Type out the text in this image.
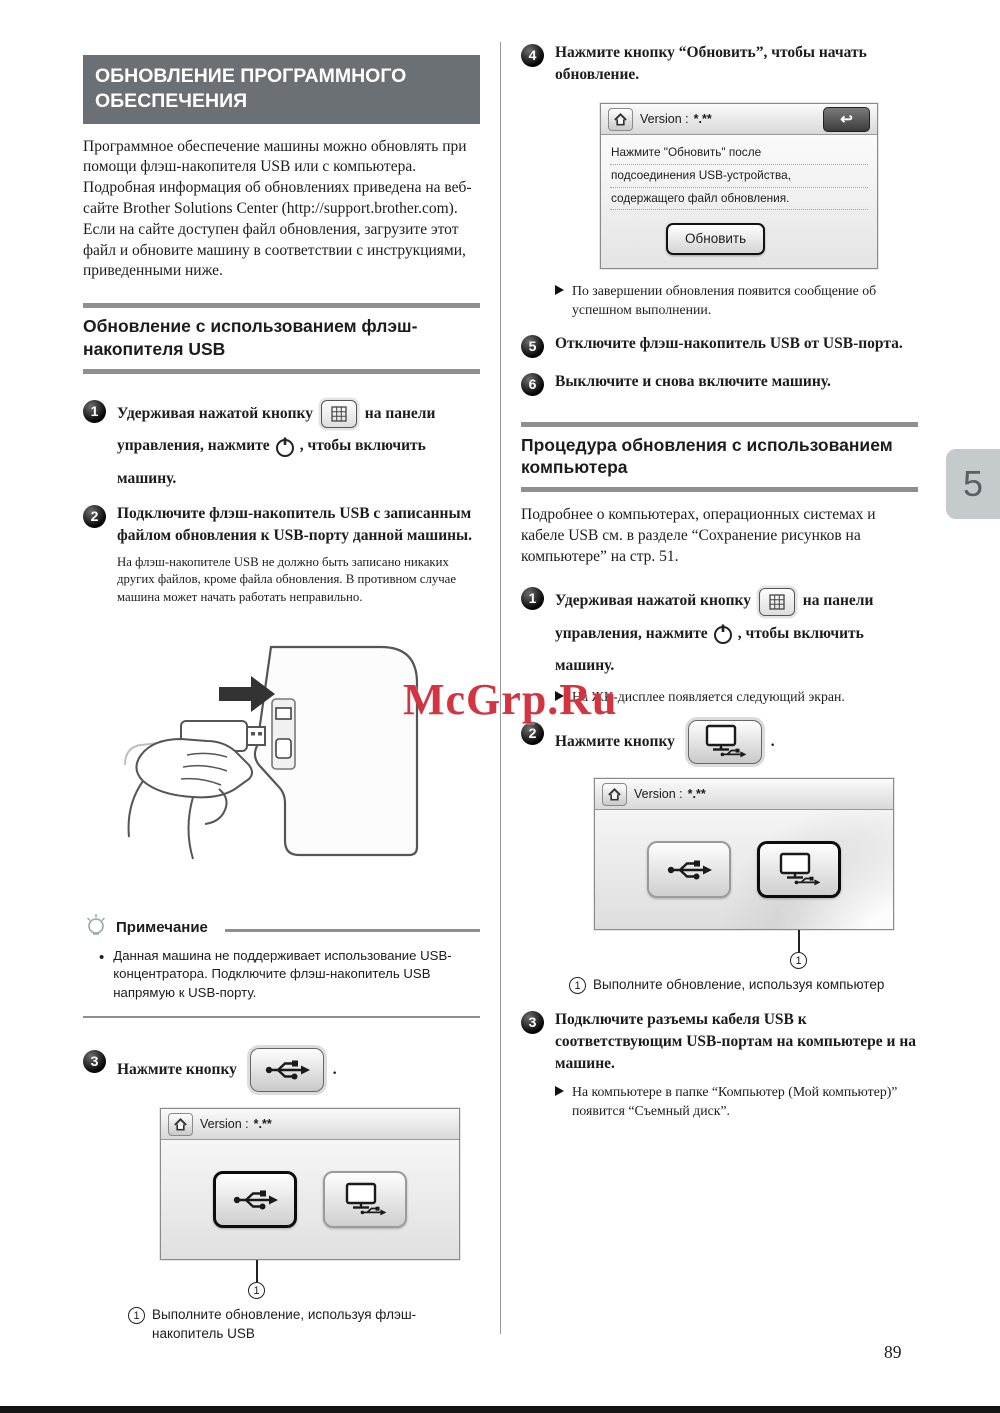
ОБНОВЛЕНИЕ ПРОГРАММНОГО ОБЕСПЕЧЕНИЯ

Программное обеспечение машины можно обновлять при помощи флэш-накопителя USB или с компьютера. Подробная информация об обновлениях приведена на веб-сайте Brother Solutions Center (http://support.brother.com). Если на сайте доступен файл обновления, загрузите этот файл и обновите машину в соответствии с инструкциями, приведенными ниже.

Обновление с использованием флэш-накопителя USB
1	Удерживая нажатой кнопку	на панели управления, нажмите , чтобы включить машину.
2	Подключите флэш-накопитель USB с записанным файлом обновления к USB-порту данной машины.

На флэш-накопителе USB не должно быть записано никаких других файлов, кроме файла обновления. В противном случае машина может начать работать неправильно.

Примечание
•

Данная машина не поддерживает использование USB-концентратора. Подключите флэш-накопитель USB напрямую к USB-порту.

3	Нажмите кнопку	.
Version : *.**
1
1 Выполните обновление, используя флэш-накопитель USB
4	Нажмите кнопку “Обновить”, чтобы начать обновление.
Version : *.**
↩
Нажмите "Обновить" после
подсоединения USB-устройства,
содержащего файл обновления.
Обновить
По завершении обновления появится сообщение об успешном выполнении.
5	Отключите флэш-накопитель USB от USB-порта.
6	Выключите и снова включите машину.
Процедура обновления с использованием компьютера

Подробнее о компьютерах, операционных системах и кабеле USB см. в разделе “Сохранение рисунков на компьютере” на стр. 51.

1	Удерживая нажатой кнопку	на панели управления, нажмите , чтобы включить машину.
На ЖК-дисплее появляется следующий экран.
2	Нажмите кнопку	.
Version : *.**
1
1 Выполните обновление, используя компьютер
3	Подключите разъемы кабеля USB к соответствующим USB-портам на компьютере и на машине.
На компьютере в папке “Компьютер (Мой компьютер)” появится “Съемный диск”.
McGrp.Ru
5
89
